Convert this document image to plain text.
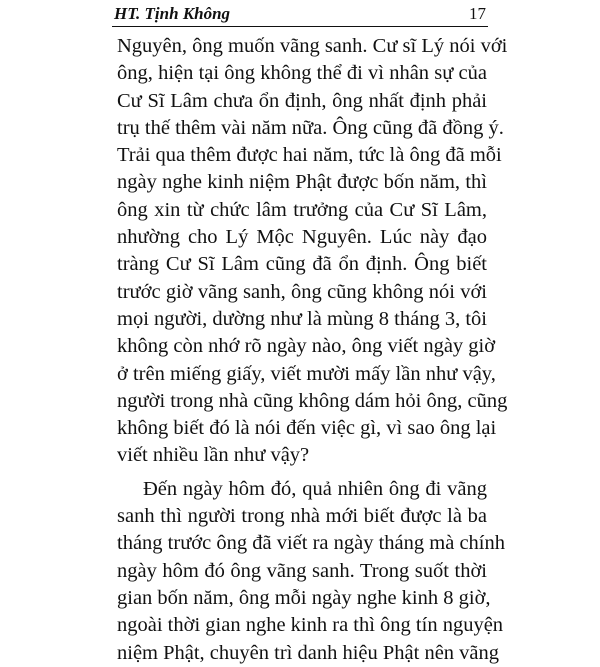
HT. Tịnh Không	17
Nguyên, ông muốn vãng sanh. Cư sĩ Lý nói với
ông, hiện tại ông không thể đi vì nhân sự của
Cư Sĩ Lâm chưa ổn định, ông nhất định phải
trụ thế thêm vài năm nữa. Ông cũng đã đồng ý.
Trải qua thêm được hai năm, tức là ông đã mỗi
ngày nghe kinh niệm Phật được bốn năm, thì
ông xin từ chức lâm trưởng của Cư Sĩ Lâm,
nhường cho Lý Mộc Nguyên. Lúc này đạo
tràng Cư Sĩ Lâm cũng đã ổn định. Ông biết
trước giờ vãng sanh, ông cũng không nói với
mọi người, dường như là mùng 8 tháng 3, tôi
không còn nhớ rõ ngày nào, ông viết ngày giờ
ở trên miếng giấy, viết mười mấy lần như vậy,
người trong nhà cũng không dám hỏi ông, cũng
không biết đó là nói đến việc gì, vì sao ông lại
viết nhiều lần như vậy?
Đến ngày hôm đó, quả nhiên ông đi vãng
sanh thì người trong nhà mới biết được là ba
tháng trước ông đã viết ra ngày tháng mà chính
ngày hôm đó ông vãng sanh. Trong suốt thời
gian bốn năm, ông mỗi ngày nghe kinh 8 giờ,
ngoài thời gian nghe kinh ra thì ông tín nguyện
niệm Phật, chuyên trì danh hiệu Phật nên vãng
